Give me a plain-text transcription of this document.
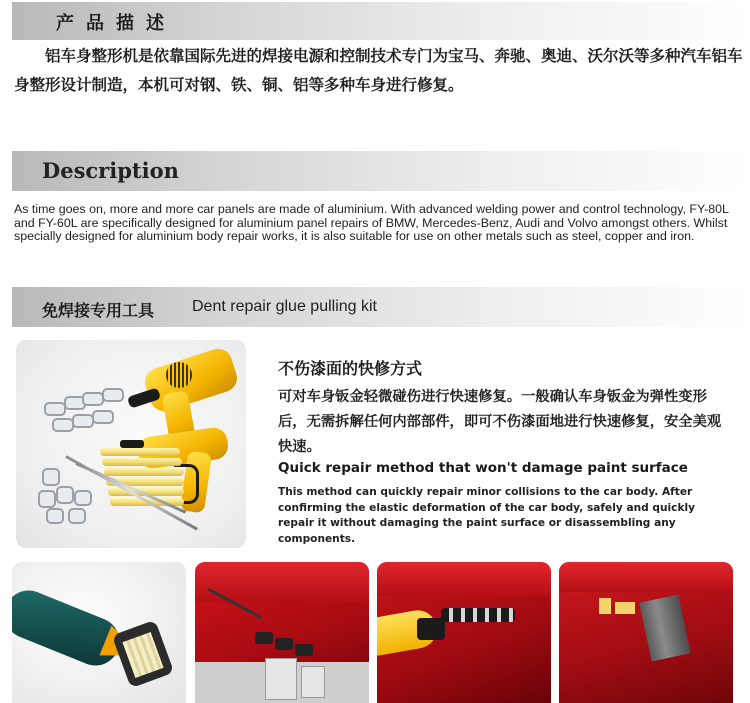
产品描述

铝车身整形机是依靠国际先进的焊接电源和控制技术专门为宝马、奔驰、奥迪、沃尔沃等多种汽车铝车身整形设计制造，本机可对钢、铁、铜、铝等多种车身进行修复。

Description

As time goes on, more and more car panels are made of aluminium. With advanced welding power and control technology, FY-80L and FY-60L are specifically designed for aluminium panel repairs of BMW, Mercedes-Benz, Audi and Volvo amongst others. Whilst specially designed for aluminium body repair works, it is also suitable for use on other metals such as steel, copper and iron.

免焊接专用工具 Dent repair glue pulling kit

不伤漆面的快修方式

可对车身钣金轻微碰伤进行快速修复。一般确认车身钣金为弹性变形后，无需拆解任何内部部件，即可不伤漆面地进行快速修复，安全美观快速。

Quick repair method that won't damage paint surface

This method can quickly repair minor collisions to the car body. After confirming the elastic deformation of the car body, safely and quickly repair it without damaging the paint surface or disassembling any components.
